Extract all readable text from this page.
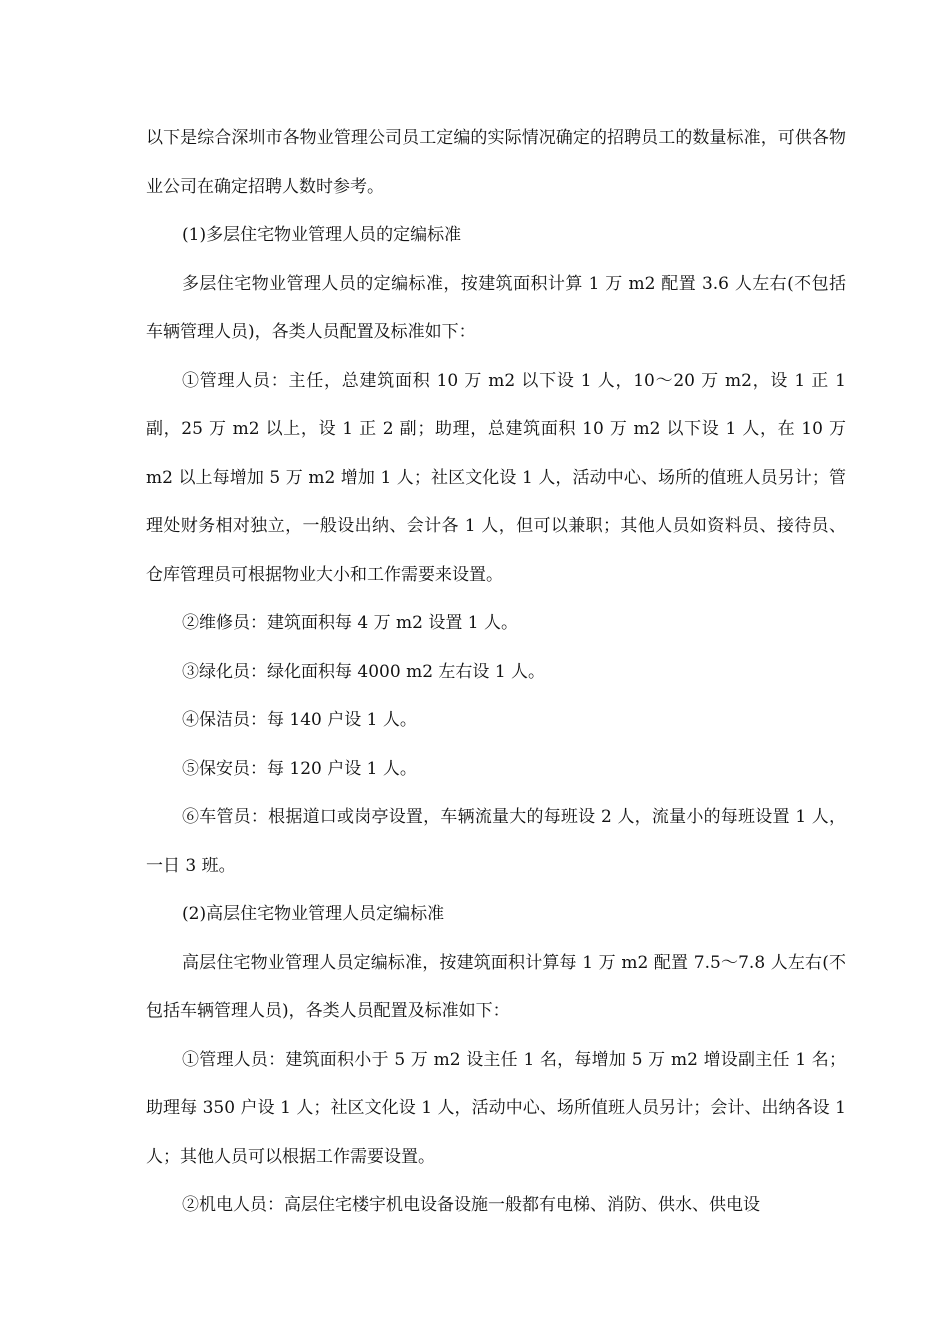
以下是综合深圳市各物业管理公司员工定编的实际情况确定的招聘员工的数量标准，可供各物业公司在确定招聘人数时参考。

(1)多层住宅物业管理人员的定编标准

多层住宅物业管理人员的定编标准，按建筑面积计算 1 万 m2 配置 3.6 人左右(不包括车辆管理人员)，各类人员配置及标准如下：

①管理人员：主任，总建筑面积 10 万 m2 以下设 1 人，10～20 万 m2，设 1 正 1 副，25 万 m2 以上，设 1 正 2 副；助理，总建筑面积 10 万 m2 以下设 1 人，在 10 万 m2 以上每增加 5 万 m2 增加 1 人；社区文化设 1 人，活动中心、场所的值班人员另计；管理处财务相对独立，一般设出纳、会计各 1 人，但可以兼职；其他人员如资料员、接待员、仓库管理员可根据物业大小和工作需要来设置。

②维修员：建筑面积每 4 万 m2 设置 1 人。

③绿化员：绿化面积每 4000 m2 左右设 1 人。

④保洁员：每 140 户设 1 人。

⑤保安员：每 120 户设 1 人。

⑥车管员：根据道口或岗亭设置，车辆流量大的每班设 2 人，流量小的每班设置 1 人，一日 3 班。

(2)高层住宅物业管理人员定编标准

高层住宅物业管理人员定编标准，按建筑面积计算每 1 万 m2 配置 7.5～7.8 人左右(不包括车辆管理人员)，各类人员配置及标准如下：

①管理人员：建筑面积小于 5 万 m2 设主任 1 名，每增加 5 万 m2 增设副主任 1 名；助理每 350 户设 1 人；社区文化设 1 人，活动中心、场所值班人员另计；会计、出纳各设 1 人；其他人员可以根据工作需要设置。

②机电人员：高层住宅楼宇机电设备设施一般都有电梯、消防、供水、供电设
